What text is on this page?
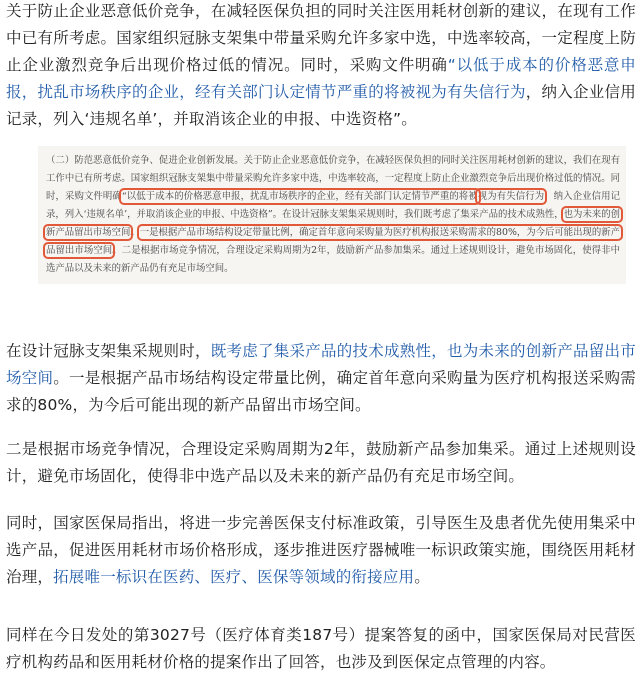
关于防止企业恶意低价竞争，在减轻医保负担的同时关注医用耗材创新的建议，在现有工作中已有所考虑。国家组织冠脉支架集中带量采购允许多家中选，中选率较高，一定程度上防止企业激烈竞争后出现价格过低的情况。同时，采购文件明确“以低于成本的价格恶意申报，扰乱市场秩序的企业，经有关部门认定情节严重的将被视为有失信行为，纳入企业信用记录，列入‘违规名单’，并取消该企业的申报、中选资格”。

（二）防范恶意低价竞争、促进企业创新发展。关于防止企业恶意低价竞争，在减轻医保负担的同时关注医用耗材创新的建议，我们在现有工作中已有所考虑。国家组织冠脉支架集中带量采购允许多家中选，中选率较高，一定程度上防止企业激烈竞争后出现价格过低的情况。同时，采购文件明确“以低于成本的价格恶意申报，扰乱市场秩序的企业，经有关部门认定情节严重的将被视为有失信行为，纳入企业信用记录，列入‘违规名单’，并取消该企业的申报、中选资格”。在设计冠脉支架集采规则时，我们既考虑了集采产品的技术成熟性，也为未来的创新产品留出市场空间。一是根据产品市场结构设定带量比例，确定首年意向采购量为医疗机构报送采购需求的80%，为今后可能出现的新产品留出市场空间。二是根据市场竞争情况，合理设定采购周期为2年，鼓励新产品参加集采。通过上述规则设计，避免市场固化，使得非中选产品以及未来的新产品仍有充足市场空间。

在设计冠脉支架集采规则时，既考虑了集采产品的技术成熟性，也为未来的创新产品留出市场空间。一是根据产品市场结构设定带量比例，确定首年意向采购量为医疗机构报送采购需求的80%，为今后可能出现的新产品留出市场空间。

二是根据市场竞争情况，合理设定采购周期为2年，鼓励新产品参加集采。通过上述规则设计，避免市场固化，使得非中选产品以及未来的新产品仍有充足市场空间。

同时，国家医保局指出，将进一步完善医保支付标准政策，引导医生及患者优先使用集采中选产品，促进医用耗材市场价格形成，逐步推进医疗器械唯一标识政策实施，围绕医用耗材治理，拓展唯一标识在医药、医疗、医保等领域的衔接应用。

同样在今日发处的第3027号（医疗体育类187号）提案答复的函中，国家医保局对民营医疗机构药品和医用耗材价格的提案作出了回答，也涉及到医保定点管理的内容。
